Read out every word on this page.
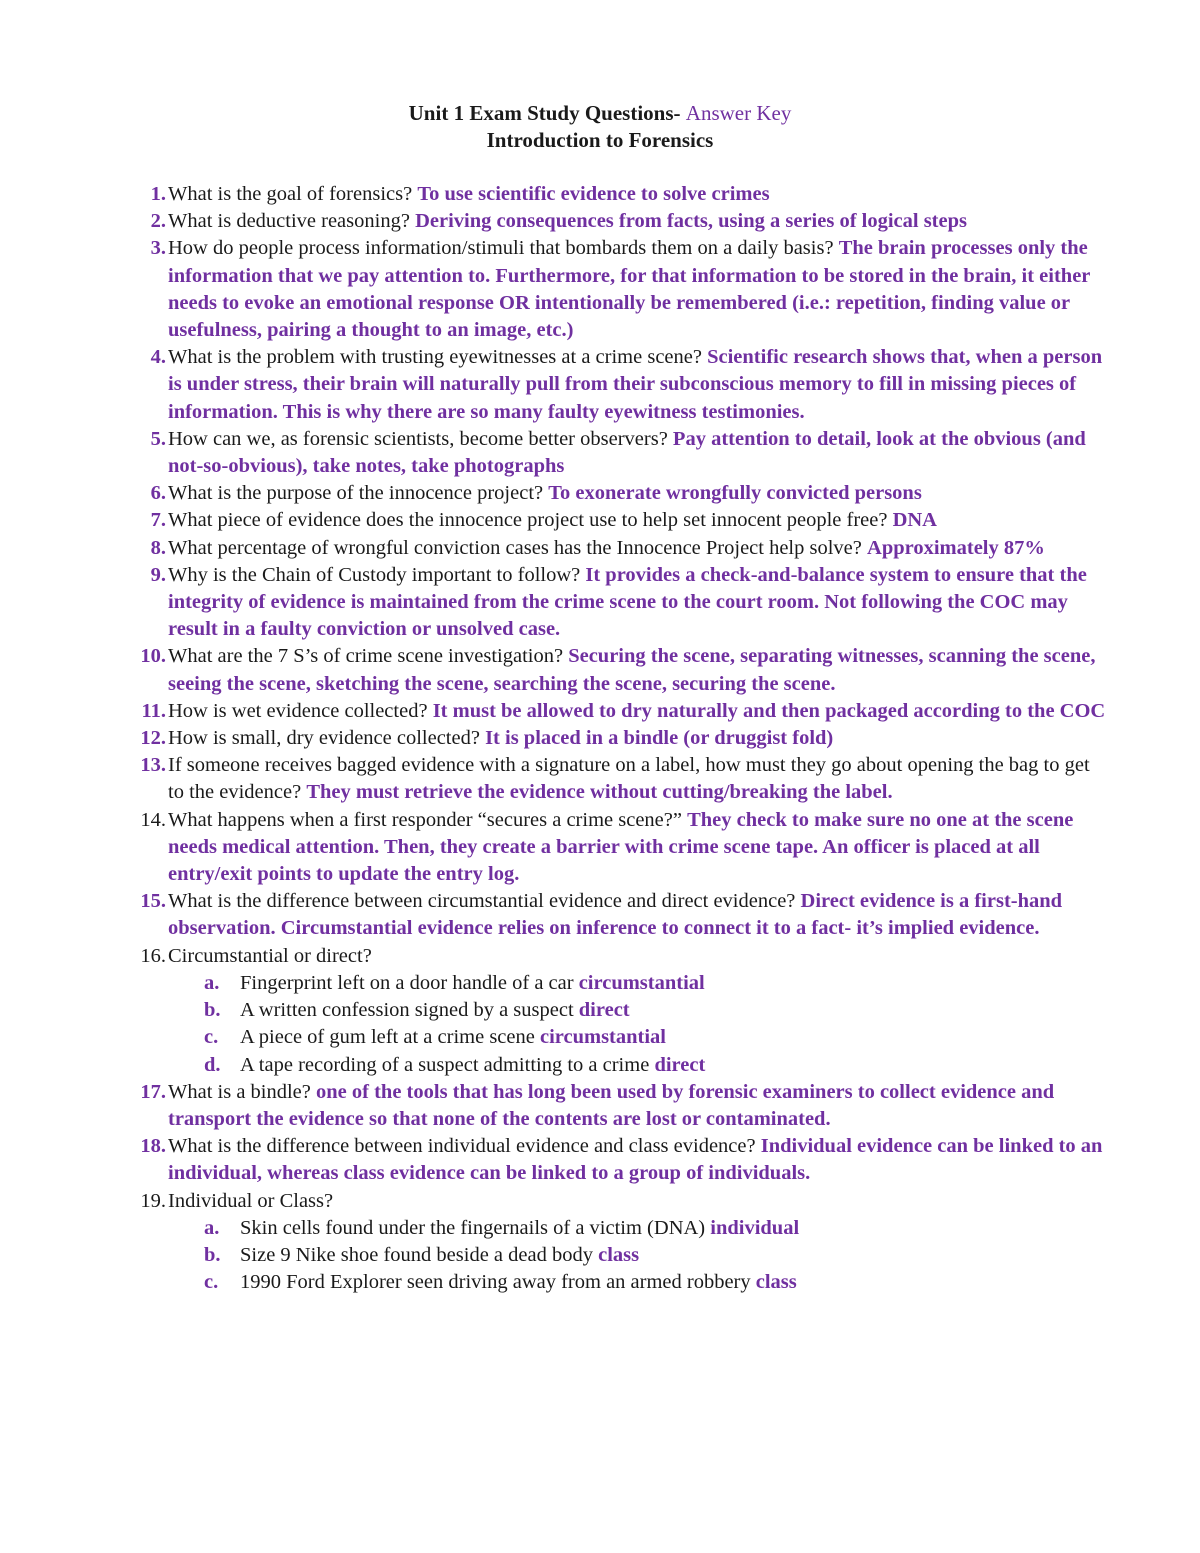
Unit 1 Exam Study Questions- Answer Key
Introduction to Forensics
1. What is the goal of forensics? To use scientific evidence to solve crimes
2. What is deductive reasoning? Deriving consequences from facts, using a series of logical steps
3. How do people process information/stimuli that bombards them on a daily basis? The brain processes only the information that we pay attention to. Furthermore, for that information to be stored in the brain, it either needs to evoke an emotional response OR intentionally be remembered (i.e.: repetition, finding value or usefulness, pairing a thought to an image, etc.)
4. What is the problem with trusting eyewitnesses at a crime scene? Scientific research shows that, when a person is under stress, their brain will naturally pull from their subconscious memory to fill in missing pieces of information. This is why there are so many faulty eyewitness testimonies.
5. How can we, as forensic scientists, become better observers? Pay attention to detail, look at the obvious (and not-so-obvious), take notes, take photographs
6. What is the purpose of the innocence project? To exonerate wrongfully convicted persons
7. What piece of evidence does the innocence project use to help set innocent people free? DNA
8. What percentage of wrongful conviction cases has the Innocence Project help solve? Approximately 87%
9. Why is the Chain of Custody important to follow? It provides a check-and-balance system to ensure that the integrity of evidence is maintained from the crime scene to the court room. Not following the COC may result in a faulty conviction or unsolved case.
10. What are the 7 S’s of crime scene investigation? Securing the scene, separating witnesses, scanning the scene, seeing the scene, sketching the scene, searching the scene, securing the scene.
11. How is wet evidence collected? It must be allowed to dry naturally and then packaged according to the COC
12. How is small, dry evidence collected? It is placed in a bindle (or druggist fold)
13. If someone receives bagged evidence with a signature on a label, how must they go about opening the bag to get to the evidence? They must retrieve the evidence without cutting/breaking the label.
14. What happens when a first responder “secures a crime scene?” They check to make sure no one at the scene needs medical attention. Then, they create a barrier with crime scene tape. An officer is placed at all entry/exit points to update the entry log.
15. What is the difference between circumstantial evidence and direct evidence? Direct evidence is a first-hand observation. Circumstantial evidence relies on inference to connect it to a fact- it’s implied evidence.
16. Circumstantial or direct?
a.	Fingerprint left on a door handle of a car circumstantial
b. A written confession signed by a suspect direct
c.	A piece of gum left at a crime scene circumstantial
d. A tape recording of a suspect admitting to a crime direct
17. What is a bindle? one of the tools that has long been used by forensic examiners to collect evidence and transport the evidence so that none of the contents are lost or contaminated.
18. What is the difference between individual evidence and class evidence? Individual evidence can be linked to an individual, whereas class evidence can be linked to a group of individuals.
19. Individual or Class?
a.	Skin cells found under the fingernails of a victim (DNA) individual
b. Size 9 Nike shoe found beside a dead body class
c.	1990 Ford Explorer seen driving away from an armed robbery class
